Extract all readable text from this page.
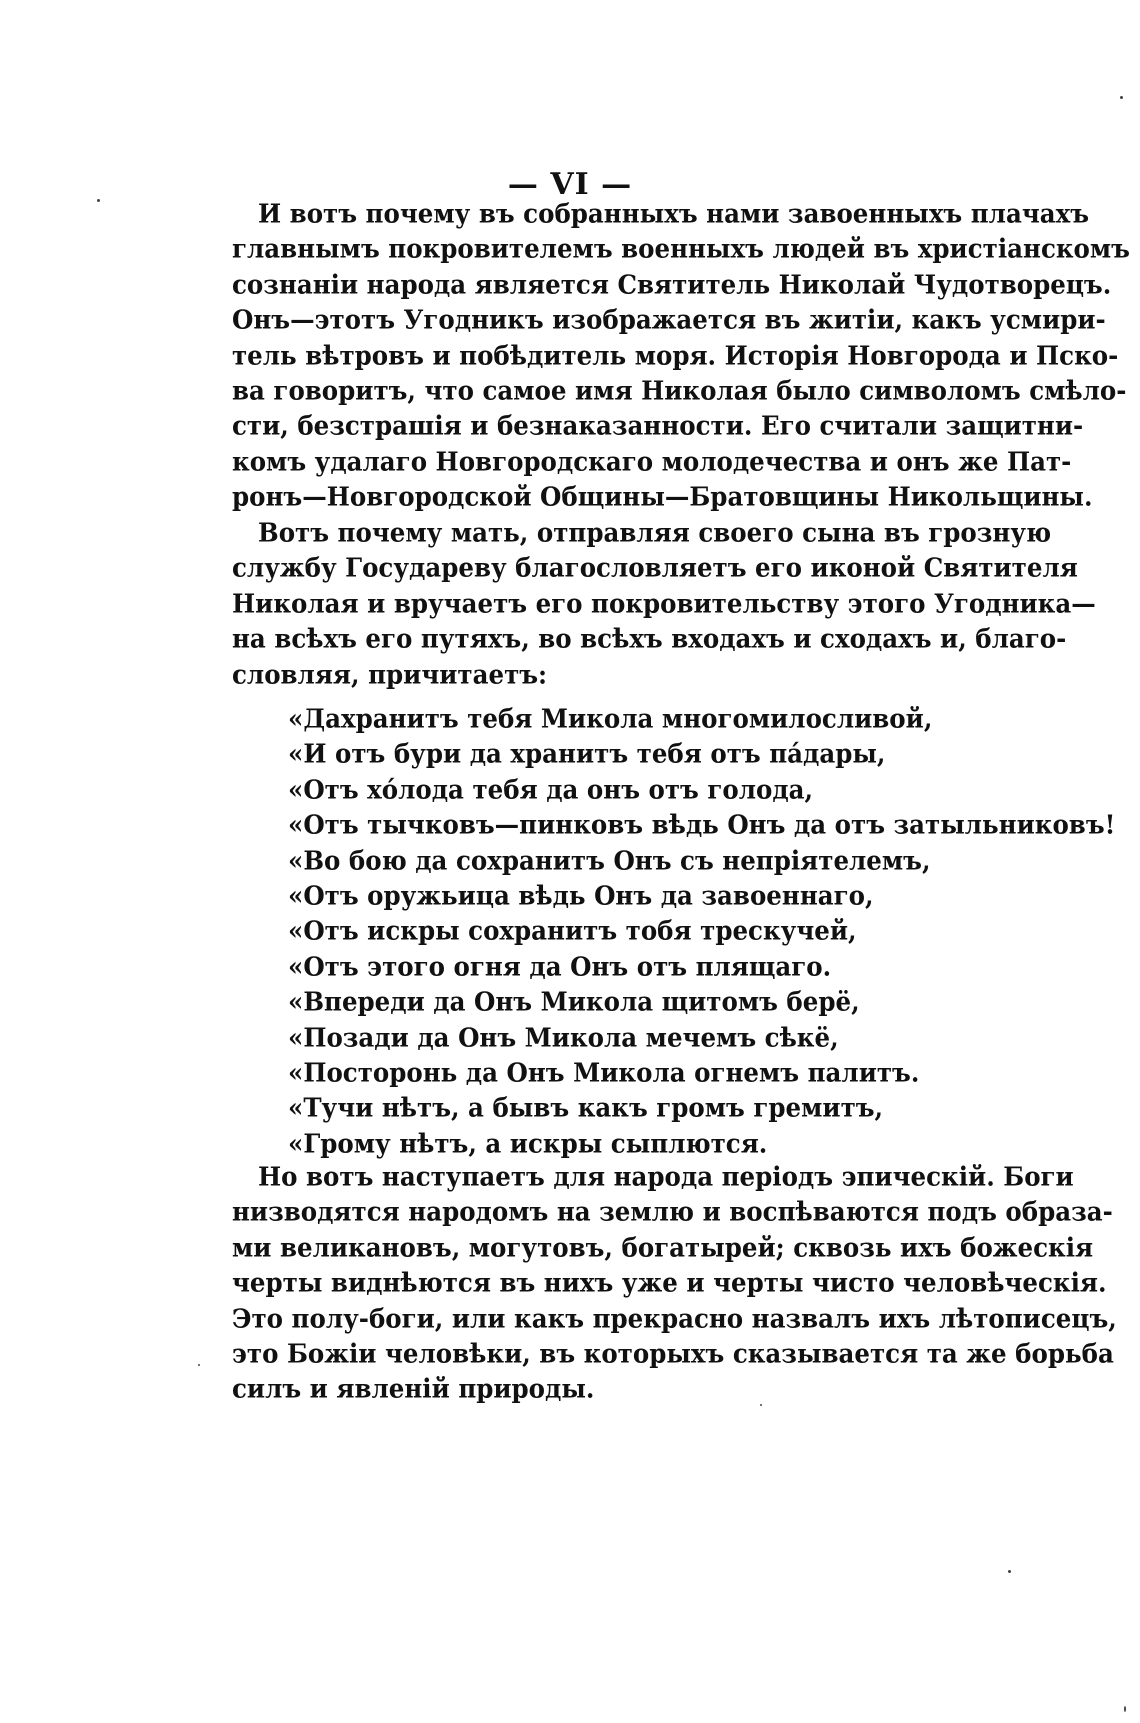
— VI —
И вотъ почему въ собранныхъ нами завоенныхъ плачахъ
главнымъ покровителемъ военныхъ людей въ христіанскомъ
сознаніи народа является Святитель Николай Чудотворецъ.
Онъ—этотъ Угодникъ изображается въ житіи, какъ усмири-
тель вѣтровъ и побѣдитель моря. Исторія Новгорода и Пско-
ва говоритъ, что самое имя Николая было символомъ смѣло-
сти, безстрашія и безнаказанности. Его считали защитни-
комъ удалаго Новгородскаго молодечества и онъ же Пат-
ронъ—Новгородской Общины—Братовщины Никольщины.
Вотъ почему мать, отправляя своего сына въ грозную
службу Государеву благословляетъ его иконой Святителя
Николая и вручаетъ его покровительству этого Угодника—
на всѣхъ его путяхъ, во всѣхъ входахъ и сходахъ и, благо-
словляя, причитаетъ:
«Дахранитъ тебя Микола многомилосливой,
«И отъ бури да хранитъ тебя отъ па́дары,
«Отъ хо́лода тебя да онъ отъ голода,
«Отъ тычковъ—пинковъ вѣдь Онъ да отъ затыльниковъ!
«Во бою да сохранитъ Онъ съ непріятелемъ,
«Отъ оружьица вѣдь Онъ да завоеннаго,
«Отъ искры сохранитъ тобя трескучей,
«Отъ этого огня да Онъ отъ плящаго.
«Впереди да Онъ Микола щитомъ берё,
«Позади да Онъ Микола мечемъ сѣкё,
«Посторонь да Онъ Микола огнемъ палитъ.
«Тучи нѣтъ, а бывъ какъ громъ гремитъ,
«Грому нѣтъ, а искры сыплются.
Но вотъ наступаетъ для народа періодъ эпическій. Боги
низводятся народомъ на землю и воспѣваются подъ образа-
ми великановъ, могутовъ, богатырей; сквозь ихъ божескія
черты виднѣются въ нихъ уже и черты чисто человѣческія.
Это полу-боги, или какъ прекрасно назвалъ ихъ лѣтописецъ,
это Божіи человѣки, въ которыхъ сказывается та же борьба
силъ и явленій природы.
